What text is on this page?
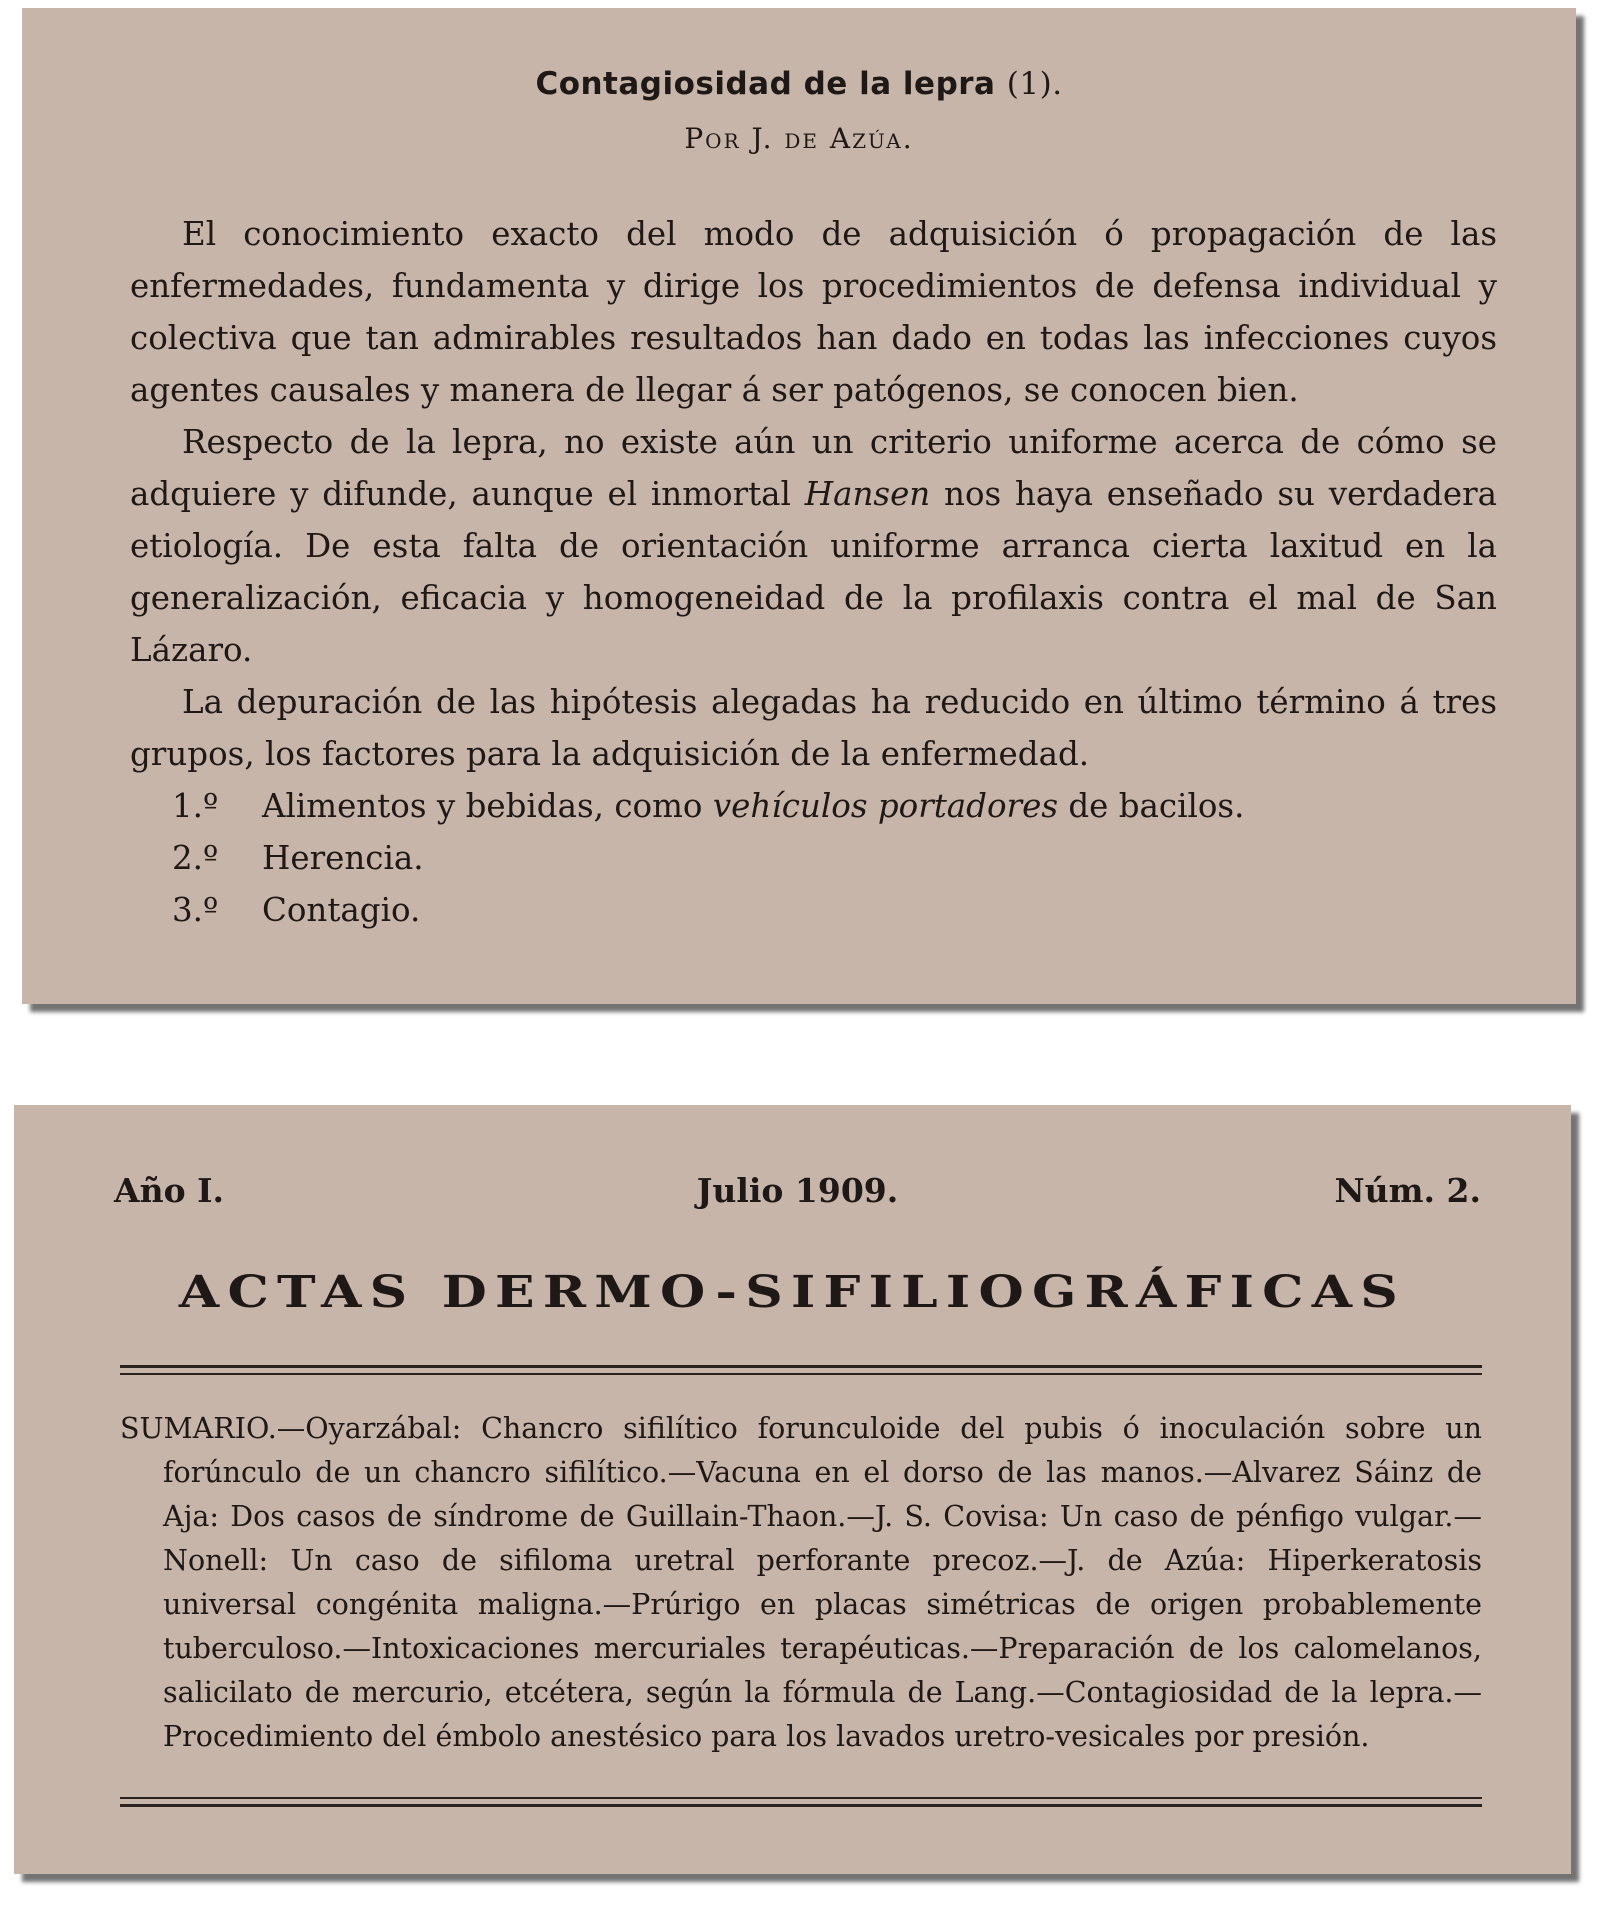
Contagiosidad de la lepra (1).
Por J. de Azúa.

El conocimiento exacto del modo de adquisición ó propagación de las enfermedades, fundamenta y dirige los procedimientos de defensa individual y colectiva que tan admirables resultados han dado en todas las infecciones cuyos agentes causales y manera de llegar á ser patógenos, se conocen bien.

Respecto de la lepra, no existe aún un criterio uniforme acerca de cómo se adquiere y difunde, aunque el inmortal Hansen nos haya enseñado su verdadera etiología. De esta falta de orientación uniforme arranca cierta laxitud en la generalización, eficacia y homogeneidad de la profilaxis contra el mal de San Lázaro.

La depuración de las hipótesis alegadas ha reducido en último término á tres grupos, los factores para la adquisición de la enfermedad.

1.º Alimentos y bebidas, como vehículos portadores de bacilos.
2.º Herencia.
3.º Contagio.
Año I.	Julio 1909.	Núm. 2.
ACTAS DERMO-SIFILIOGRÁFICAS
SUMARIO.—Oyarzábal: Chancro sifilítico forunculoide del pubis ó inoculación sobre un forúnculo de un chancro sifilítico.—Vacuna en el dorso de las manos.—Alvarez Sáinz de Aja: Dos casos de síndrome de Guillain-Thaon.—J. S. Covisa: Un caso de pénfigo vulgar.—Nonell: Un caso de sifiloma uretral perforante precoz.—J. de Azúa: Hiperkeratosis universal congénita maligna.—Prúrigo en placas simétricas de origen probablemente tuberculoso.—Intoxicaciones mercuriales terapéuticas.—Preparación de los calomelanos, salicilato de mercurio, etcétera, según la fórmula de Lang.—Contagiosidad de la lepra.—Procedimiento del émbolo anestésico para los lavados uretro-vesicales por presión.
